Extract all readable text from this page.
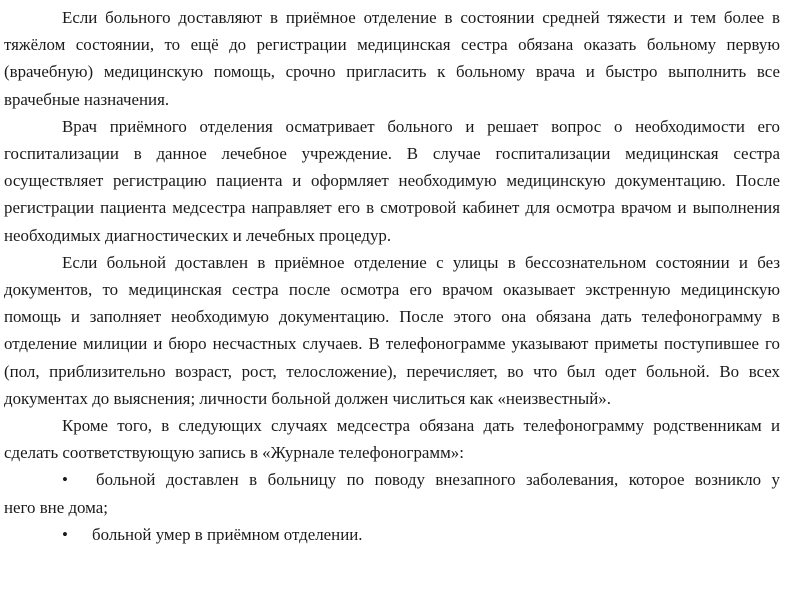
Если больного доставляют в приёмное отделение в состоянии средней тяжести и тем более в тяжёлом состоянии, то ещё до регистрации медицинская сестра обязана оказать больному первую (врачебную) медицинскую помощь, срочно пригласить к больному врача и быстро выполнить все врачебные назначения.

Врач приёмного отделения осматривает больного и решает вопрос о необходимости его госпитализации в данное лечебное учреждение. В случае госпитализации медицинская сестра осуществляет регистрацию пациента и оформляет необходимую медицинскую документацию. После регистрации пациента медсестра направляет его в смотровой кабинет для осмотра врачом и выполнения необходимых диагностических и лечебных процедур.

Если больной доставлен в приёмное отделение с улицы в бессознательном состоянии и без документов, то медицинская сестра после осмотра его врачом оказывает экстренную медицинскую помощь и заполняет необходимую документацию. После этого она обязана дать телефонограмму в отделение милиции и бюро несчастных случаев. В телефонограмме указывают приметы поступившее го (пол, приблизительно возраст, рост, телосложение), перечисляет, во что был одет больной. Во всех документах до выяснения; личности больной должен числиться как «неизвестный».

Кроме того, в следующих случаях медсестра обязана дать телефонограмму родственникам и сделать соответствующую запись в «Журнале телефонограмм»:

•	больной доставлен в больницу по поводу внезапного заболевания, которое возникло у
него вне дома;
•	больной умер в приёмном отделении.
